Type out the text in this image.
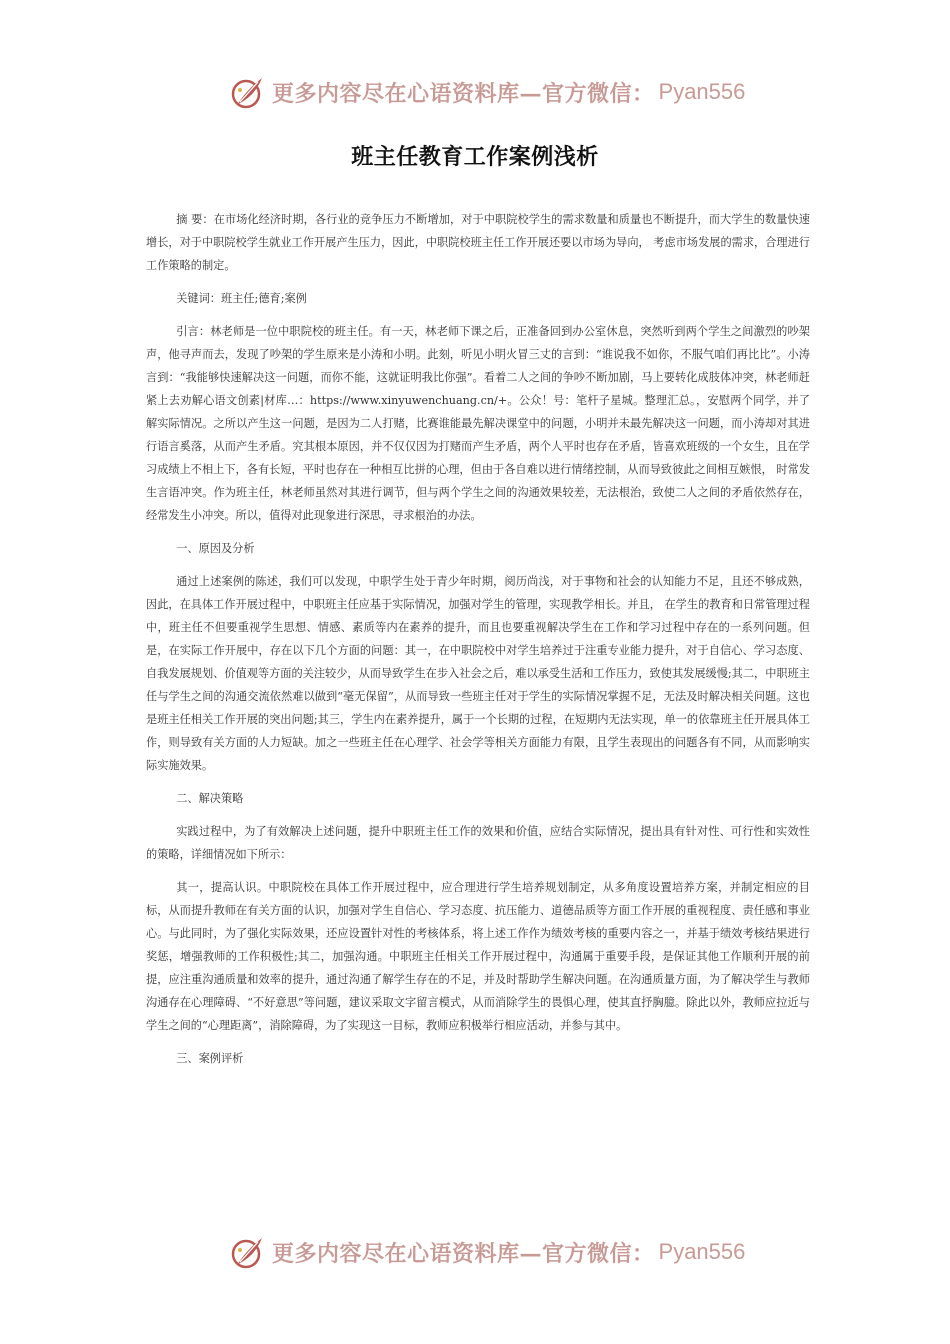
更多内容尽在心语资料库—官方微信： Pyan556
班主任教育工作案例浅析

摘 要：在市场化经济时期，各行业的竞争压力不断增加，对于中职院校学生的需求数量和质量也不断提升，而大学生的数量快速增长，对于中职院校学生就业工作开展产生压力，因此，中职院校班主任工作开展还要以市场为导向， 考虑市场发展的需求，合理进行工作策略的制定。

关键词：班主任;德育;案例

引言：林老师是一位中职院校的班主任。有一天，林老师下课之后，正准备回到办公室休息，突然听到两个学生之间激烈的吵架声，他寻声而去，发现了吵架的学生原来是小涛和小明。此刻，听见小明火冒三丈的言到：“谁说我不如你，不服气咱们再比比”。小涛言到：“我能够快速解决这一问题，而你不能，这就证明我比你强”。看着二人之间的争吵不断加剧，马上要转化成肢体冲突，林老师赶紧上去劝解心语文创素|材库…：https://www.xinyuwenchuang.cn/+。公众！号：笔杆子星城。整理汇总。，安慰两个同学，并了解实际情况。之所以产生这一问题，是因为二人打赌，比赛谁能最先解决课堂中的问题，小明并未最先解决这一问题，而小涛却对其进行语言奚落，从而产生矛盾。究其根本原因，并不仅仅因为打赌而产生矛盾，两个人平时也存在矛盾，皆喜欢班级的一个女生，且在学习成绩上不相上下，各有长短，平时也存在一种相互比拼的心理，但由于各自难以进行情绪控制，从而导致彼此之间相互嫉恨， 时常发生言语冲突。作为班主任，林老师虽然对其进行调节，但与两个学生之间的沟通效果较差，无法根治，致使二人之间的矛盾依然存在，经常发生小冲突。所以，值得对此现象进行深思，寻求根治的办法。

一、原因及分析

通过上述案例的陈述，我们可以发现，中职学生处于青少年时期，阅历尚浅，对于事物和社会的认知能力不足，且还不够成熟，因此，在具体工作开展过程中，中职班主任应基于实际情况，加强对学生的管理，实现教学相长。并且， 在学生的教育和日常管理过程中，班主任不但要重视学生思想、情感、素质等内在素养的提升，而且也要重视解决学生在工作和学习过程中存在的一系列问题。但是，在实际工作开展中，存在以下几个方面的问题：其一，在中职院校中对学生培养过于注重专业能力提升，对于自信心、学习态度、自我发展规划、价值观等方面的关注较少，从而导致学生在步入社会之后，难以承受生活和工作压力，致使其发展缓慢;其二，中职班主任与学生之间的沟通交流依然难以做到“毫无保留”，从而导致一些班主任对于学生的实际情况掌握不足，无法及时解决相关问题。这也是班主任相关工作开展的突出问题;其三，学生内在素养提升，属于一个长期的过程，在短期内无法实现，单一的依靠班主任开展具体工作，则导致有关方面的人力短缺。加之一些班主任在心理学、社会学等相关方面能力有限，且学生表现出的问题各有不同，从而影响实际实施效果。

二、解决策略

实践过程中，为了有效解决上述问题，提升中职班主任工作的效果和价值，应结合实际情况，提出具有针对性、可行性和实效性的策略，详细情况如下所示：

其一，提高认识。中职院校在具体工作开展过程中，应合理进行学生培养规划制定，从多角度设置培养方案，并制定相应的目标，从而提升教师在有关方面的认识，加强对学生自信心、学习态度、抗压能力、道德品质等方面工作开展的重视程度、责任感和事业心。与此同时，为了强化实际效果，还应设置针对性的考核体系，将上述工作作为绩效考核的重要内容之一，并基于绩效考核结果进行奖惩，增强教师的工作积极性;其二，加强沟通。中职班主任相关工作开展过程中，沟通属于重要手段，是保证其他工作顺利开展的前提，应注重沟通质量和效率的提升，通过沟通了解学生存在的不足，并及时帮助学生解决问题。在沟通质量方面，为了解决学生与教师沟通存在心理障碍、“不好意思”等问题，建议采取文字留言模式，从而消除学生的畏惧心理，使其直抒胸臆。除此以外，教师应拉近与学生之间的“心理距离”，消除障碍，为了实现这一目标，教师应积极举行相应活动，并参与其中。

三、案例评析

更多内容尽在心语资料库—官方微信： Pyan556
